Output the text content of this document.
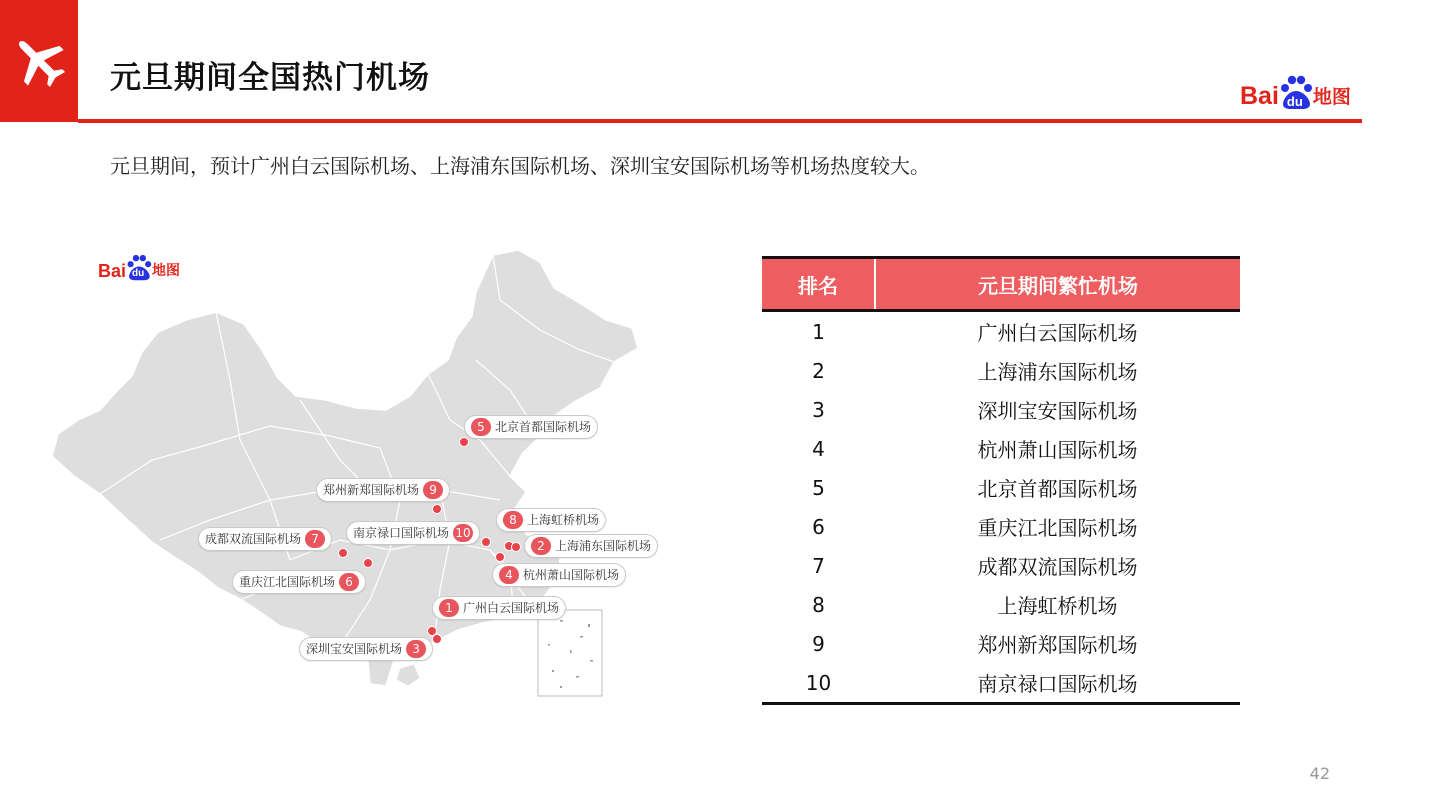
元旦期间全国热门机场	Bai du 地图

元旦期间，预计广州白云国际机场、上海浦东国际机场、深圳宝安国际机场等机场热度较大。

Bai du 地图
5 北京首都国际机场
郑州新郑国际机场 9
8 上海虹桥机场
南京禄口国际机场 10
2 上海浦东国际机场
成都双流国际机场 7
4 杭州萧山国际机场
重庆江北国际机场 6
1 广州白云国际机场
深圳宝安国际机场 3
排名	元旦期间繁忙机场
1	广州白云国际机场
2	上海浦东国际机场
3	深圳宝安国际机场
4	杭州萧山国际机场
5	北京首都国际机场
6	重庆江北国际机场
7	成都双流国际机场
8	上海虹桥机场
9	郑州新郑国际机场
10	南京禄口国际机场
42
